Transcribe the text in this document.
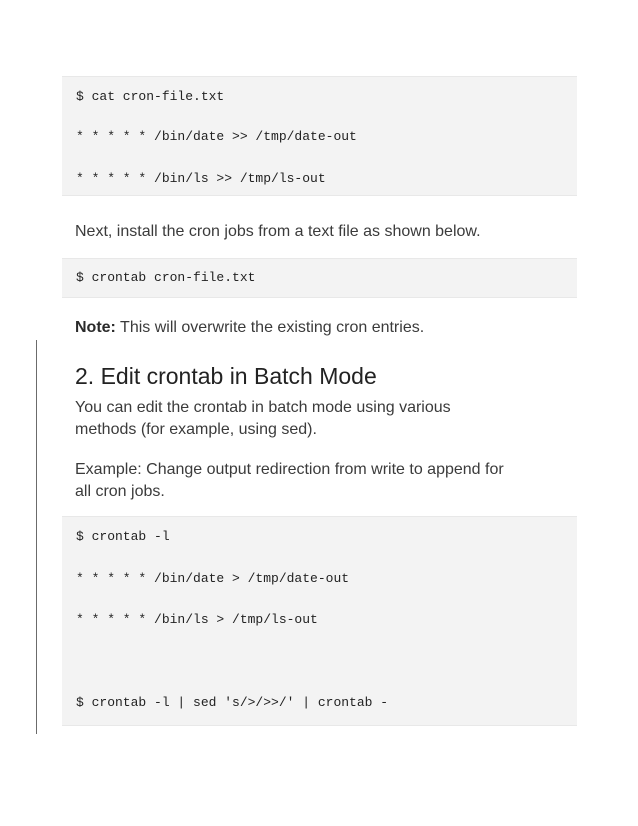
$ cat cron-file.txt
* * * * * /bin/date >> /tmp/date-out
* * * * * /bin/ls >> /tmp/ls-out
Next, install the cron jobs from a text file as shown below.
$ crontab cron-file.txt
Note: This will overwrite the existing cron entries.
2. Edit crontab in Batch Mode
You can edit the crontab in batch mode using various
methods (for example, using sed).
Example: Change output redirection from write to append for
all cron jobs.
$ crontab -l
* * * * * /bin/date > /tmp/date-out
* * * * * /bin/ls > /tmp/ls-out
$ crontab -l | sed 's/>/>>/' | crontab -
